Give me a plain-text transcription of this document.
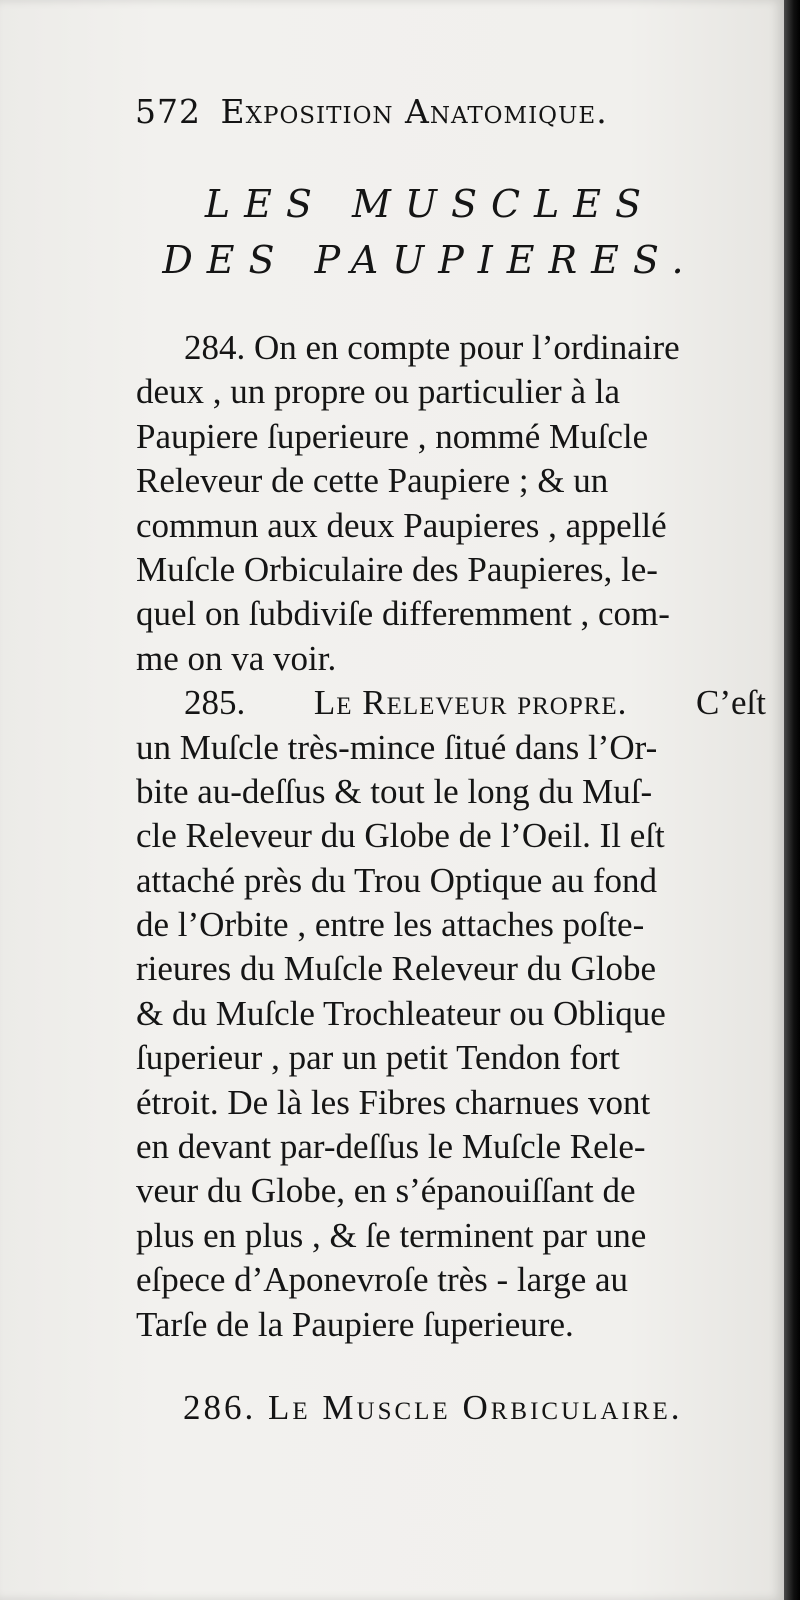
572 Exposition Anatomique.
LES MUSCLES
DES PAUPIERES.
284. On en compte pour l’ordinaire
deux , un propre ou particulier à la
Paupiere ſuperieure , nommé Muſcle
Releveur de cette Paupiere ; & un
commun aux deux Paupieres , appellé
Muſcle Orbiculaire des Paupieres, le-
quel on ſubdiviſe differemment , com-
me on va voir.
285. Le Releveur propre. C’eſt
un Muſcle très-mince ſitué dans l’Or-
bite au-deſſus & tout le long du Muſ-
cle Releveur du Globe de l’Oeil. Il eſt
attaché près du Trou Optique au fond
de l’Orbite , entre les attaches poſte-
rieures du Muſcle Releveur du Globe
& du Muſcle Trochleateur ou Oblique
ſuperieur , par un petit Tendon fort
étroit. De là les Fibres charnues vont
en devant par-deſſus le Muſcle Rele-
veur du Globe, en s’épanouiſſant de
plus en plus , & ſe terminent par une
eſpece d’Aponevroſe très - large au
Tarſe de la Paupiere ſuperieure.
286. Le Muscle Orbiculaire.
